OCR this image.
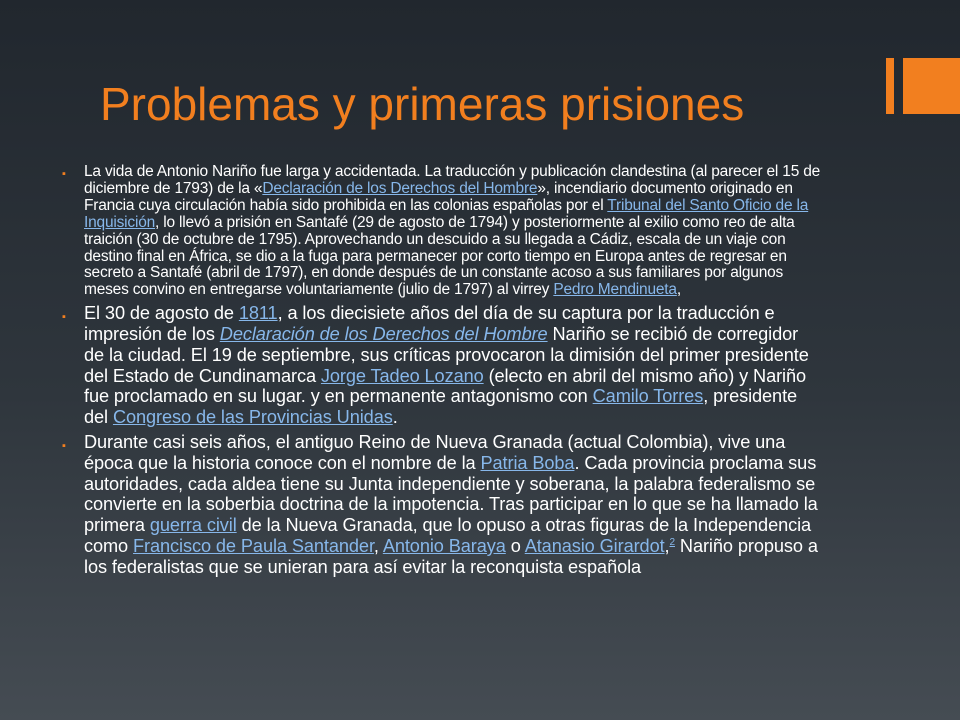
Problemas y primeras prisiones
▪ La vida de Antonio Nariño fue larga y accidentada. La traducción y publicación clandestina (al parecer el 15 de diciembre de 1793) de la «Declaración de los Derechos del Hombre», incendiario documento originado en Francia cuya circulación había sido prohibida en las colonias españolas por el Tribunal del Santo Oficio de la Inquisición, lo llevó a prisión en Santafé (29 de agosto de 1794) y posteriormente al exilio como reo de alta traición (30 de octubre de 1795). Aprovechando un descuido a su llegada a Cádiz, escala de un viaje con destino final en África, se dio a la fuga para permanecer por corto tiempo en Europa antes de regresar en secreto a Santafé (abril de 1797), en donde después de un constante acoso a sus familiares por algunos meses convino en entregarse voluntariamente (julio de 1797) al virrey Pedro Mendinueta,
▪ El 30 de agosto de 1811, a los diecisiete años del día de su captura por la traducción e impresión de los Declaración de los Derechos del Hombre Nariño se recibió de corregidor de la ciudad. El 19 de septiembre, sus críticas provocaron la dimisión del primer presidente del Estado de Cundinamarca Jorge Tadeo Lozano (electo en abril del mismo año) y Nariño fue proclamado en su lugar. y en permanente antagonismo con Camilo Torres, presidente del Congreso de las Provincias Unidas.
▪ Durante casi seis años, el antiguo Reino de Nueva Granada (actual Colombia), vive una época que la historia conoce con el nombre de la Patria Boba. Cada provincia proclama sus autoridades, cada aldea tiene su Junta independiente y soberana, la palabra federalismo se convierte en la soberbia doctrina de la impotencia. Tras participar en lo que se ha llamado la primera guerra civil de la Nueva Granada, que lo opuso a otras figuras de la Independencia como Francisco de Paula Santander, Antonio Baraya o Atanasio Girardot,$^2$ Nariño propuso a los federalistas que se unieran para así evitar la reconquista española
